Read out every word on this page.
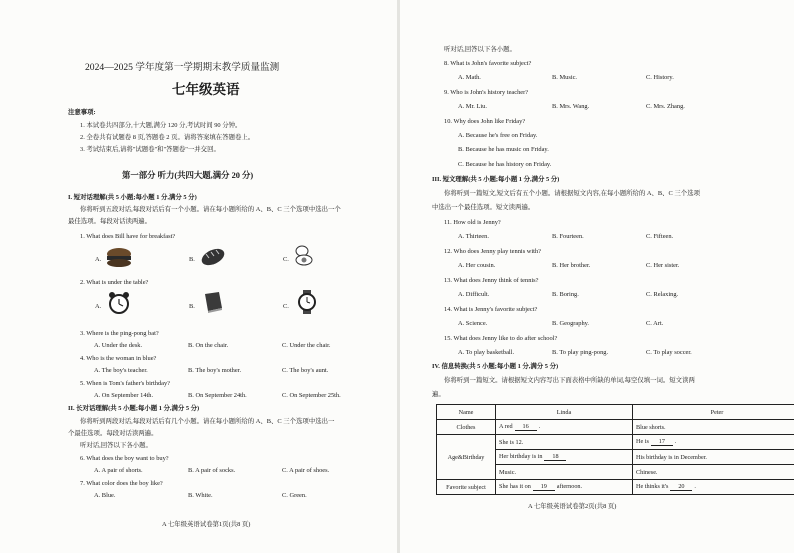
2024—2025 学年度第一学期期末教学质量监测
七年级英语
注意事项:
1. 本试卷共四部分,十大题,满分 120 分,考试时间 90 分钟。
2. 全卷共有试题卷 8 页,答题卷 2 页。请将答案填在答题卷上。
3. 考试结束后,请将"试题卷"和"答题卷"一并交回。
第一部分 听力(共四大题,满分 20 分)
I. 短对话理解(共 5 小题;每小题 1 分,满分 5 分)
你将听到五段对话,每段对话后有一个小题。请在每小题所给的 A、B、C 三个选项中选出一个
最佳选项。每段对话读两遍。
1. What does Bill have for breakfast?
A.	B.	C.
2. What is under the table?
A.	B.	C.
3. Where is the ping-pong bat?
A. Under the desk.	B. On the chair.	C. Under the chair.
4. Who is the woman in blue?
A. The boy's teacher.	B. The boy's mother.	C. The boy's aunt.
5. When is Tom's father's birthday?
A. On September 14th.	B. On September 24th.	C. On September 25th.
II. 长对话理解(共 5 小题;每小题 1 分,满分 5 分)
你将听到两段对话,每段对话后有几个小题。请在每小题所给的 A、B、C 三个选项中选出一
个最佳选项。每段对话读两遍。
听对话,回答以下各小题。
6. What does the boy want to buy?
A. A pair of shorts.	B. A pair of socks.	C. A pair of shoes.
7. What color does the boy like?
A. Blue.	B. White.	C. Green.
A 七年级英语试卷第1页(共8 页)
听对话,回答以下各小题。
8. What is John's favorite subject?
A. Math.	B. Music.	C. History.
9. Who is John's history teacher?
A. Mr. Liu.	B. Mrs. Wang.	C. Mrs. Zhang.
10. Why does John like Friday?
A. Because he's free on Friday.
B. Because he has music on Friday.
C. Because he has history on Friday.
III. 短文理解(共 5 小题;每小题 1 分,满分 5 分)
你将听到一篇短文,短文后有五个小题。请根据短文内容,在每小题所给的 A、B、C 三个选项
中选出一个最佳选项。短文读两遍。
11. How old is Jenny?
A. Thirteen.	B. Fourteen.	C. Fifteen.
12. Who does Jenny play tennis with?
A. Her cousin.	B. Her brother.	C. Her sister.
13. What does Jenny think of tennis?
A. Difficult.	B. Boring.	C. Relaxing.
14. What is Jenny's favorite subject?
A. Science.	B. Geography.	C. Art.
15. What does Jenny like to do after school?
A. To play basketball.	B. To play ping-pong.	C. To play soccer.
IV. 信息转换(共 5 小题;每小题 1 分,满分 5 分)
你将听到一篇短文。请根据短文内容写出下面表格中所缺的单词,每空仅填一词。短文读两
遍。
Name	Linda	Peter
Clothes	A red 16 .	Blue shorts.
Age&Birthday	She is 12.	He is 17 .
	Her birthday is in 18	His birthday is in December.
	Music.	Chinese.
Favorite subject	She has it on 19 afternoon.	He thinks it's 20 .
A 七年级英语试卷第2页(共8 页)
